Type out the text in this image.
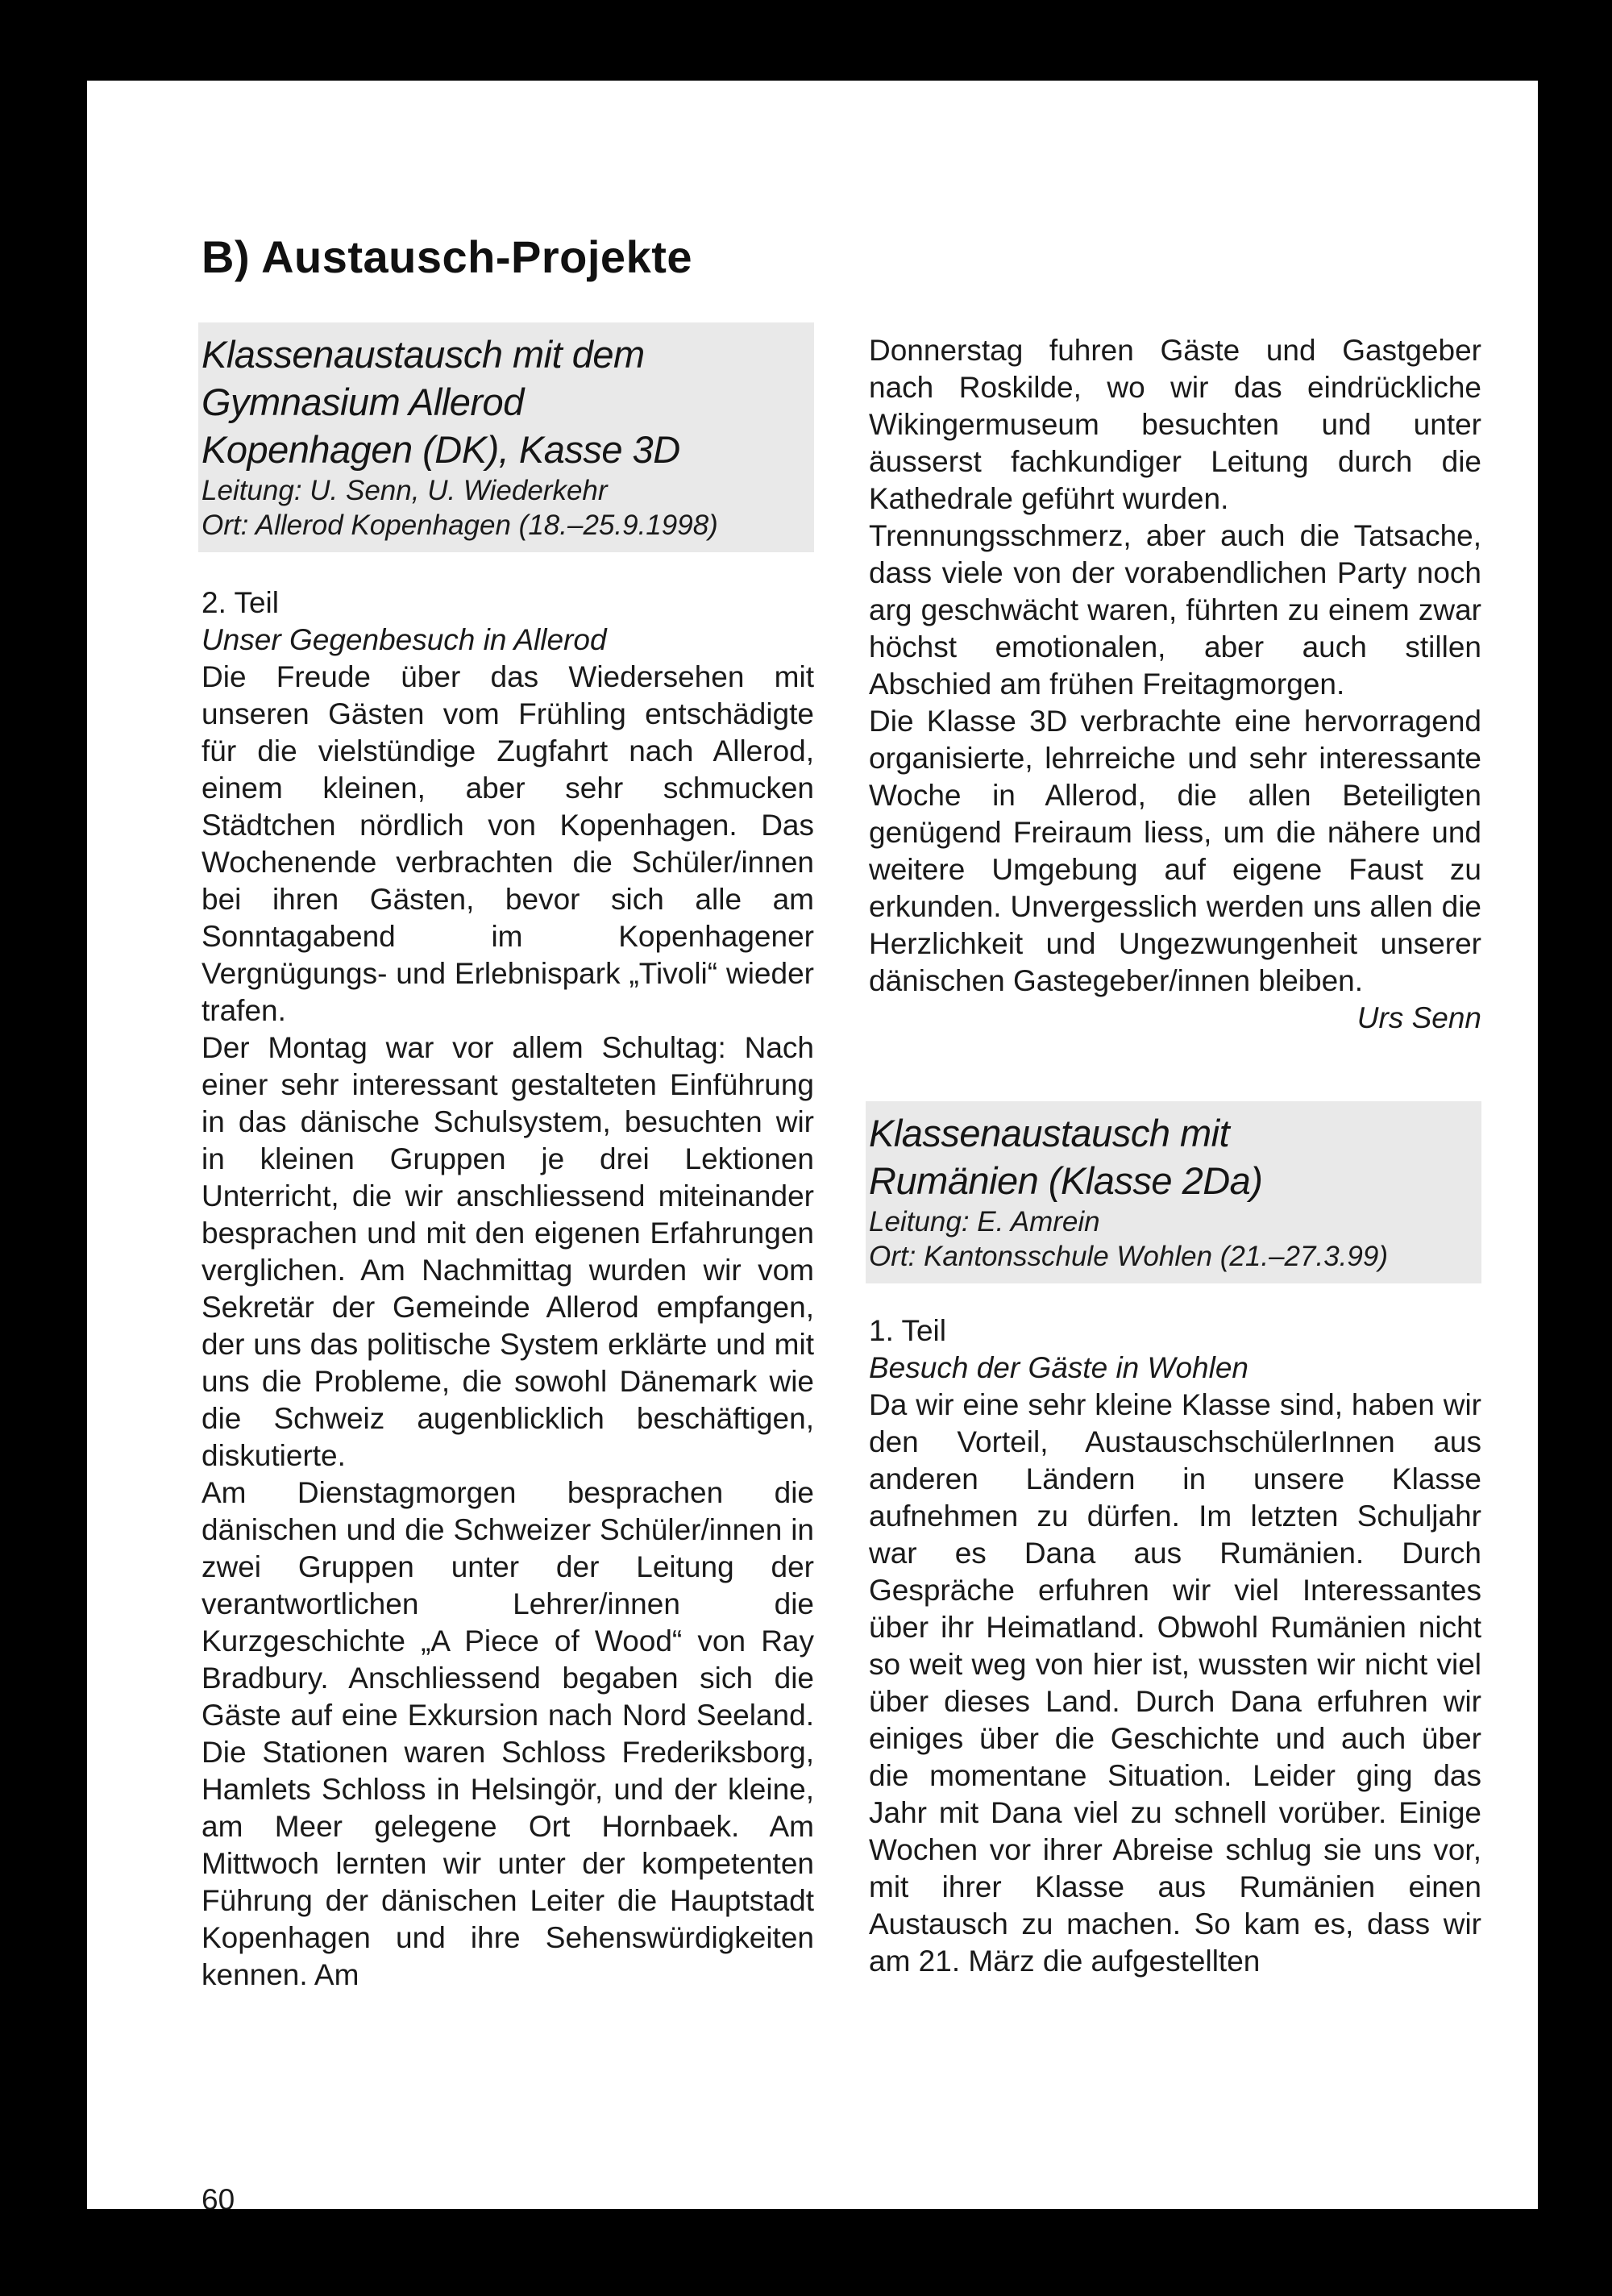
B) Austausch-Projekte
Klassenaustausch mit dem
Gymnasium Allerod
Kopenhagen (DK), Kasse 3D
Leitung: U. Senn, U. Wiederkehr
Ort: Allerod Kopenhagen (18.–25.9.1998)
2. Teil
Unser Gegenbesuch in Allerod

Die Freude über das Wiedersehen mit unseren Gästen vom Frühling entschädigte für die vielstündige Zugfahrt nach Allerod, einem kleinen, aber sehr schmucken Städtchen nördlich von Kopenhagen. Das Wochenende verbrachten die Schüler/innen bei ihren Gästen, bevor sich alle am Sonntagabend im Kopenhagener Vergnügungs- und Erlebnispark „Tivoli“ wieder trafen.

Der Montag war vor allem Schultag: Nach einer sehr interessant gestalteten Einführung in das dänische Schulsystem, besuchten wir in kleinen Gruppen je drei Lektionen Unterricht, die wir anschliessend miteinander besprachen und mit den eigenen Erfahrungen verglichen. Am Nachmittag wurden wir vom Sekretär der Gemeinde Allerod empfangen, der uns das politische System erklärte und mit uns die Probleme, die sowohl Dänemark wie die Schweiz augenblicklich beschäftigen, diskutierte.

Am Dienstagmorgen besprachen die dänischen und die Schweizer Schüler/innen in zwei Gruppen unter der Leitung der verantwortlichen Lehrer/innen die Kurzgeschichte „A Piece of Wood“ von Ray Bradbury. Anschliessend begaben sich die Gäste auf eine Exkursion nach Nord Seeland. Die Stationen waren Schloss Frederiksborg, Hamlets Schloss in Helsingör, und der kleine, am Meer gelegene Ort Hornbaek. Am Mittwoch lernten wir unter der kompetenten Führung der dänischen Leiter die Hauptstadt Kopenhagen und ihre Sehenswürdigkeiten kennen. Am

Donnerstag fuhren Gäste und Gastgeber nach Roskilde, wo wir das eindrückliche Wikingermuseum besuchten und unter äusserst fachkundiger Leitung durch die Kathedrale geführt wurden.

Trennungsschmerz, aber auch die Tatsache, dass viele von der vorabendlichen Party noch arg geschwächt waren, führten zu einem zwar höchst emotionalen, aber auch stillen Abschied am frühen Freitagmorgen.

Die Klasse 3D verbrachte eine hervorragend organisierte, lehrreiche und sehr interessante Woche in Allerod, die allen Beteiligten genügend Freiraum liess, um die nähere und weitere Umgebung auf eigene Faust zu erkunden. Unvergesslich werden uns allen die Herzlichkeit und Ungezwungenheit unserer dänischen Gastegeber/innen bleiben.

Urs Senn

Klassenaustausch mit
Rumänien (Klasse 2Da)
Leitung: E. Amrein
Ort: Kantonsschule Wohlen (21.–27.3.99)
1. Teil
Besuch der Gäste in Wohlen

Da wir eine sehr kleine Klasse sind, haben wir den Vorteil, AustauschschülerInnen aus anderen Ländern in unsere Klasse aufnehmen zu dürfen. Im letzten Schuljahr war es Dana aus Rumänien. Durch Gespräche erfuhren wir viel Interessantes über ihr Heimatland. Obwohl Rumänien nicht so weit weg von hier ist, wussten wir nicht viel über dieses Land. Durch Dana erfuhren wir einiges über die Geschichte und auch über die momentane Situation. Leider ging das Jahr mit Dana viel zu schnell vorüber. Einige Wochen vor ihrer Abreise schlug sie uns vor, mit ihrer Klasse aus Rumänien einen Austausch zu machen. So kam es, dass wir am 21. März die aufgestellten

60
